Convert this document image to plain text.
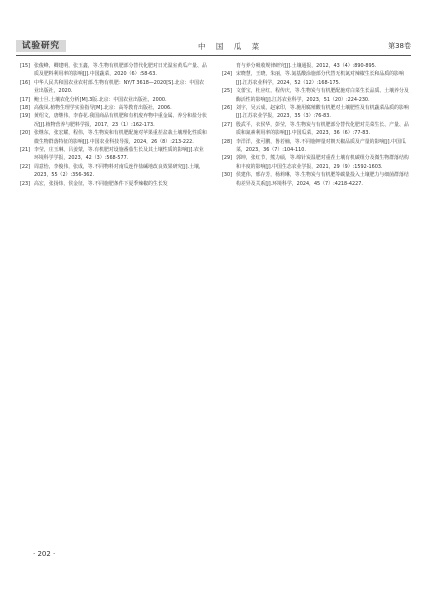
试验研究	中 国 瓜 菜	第38卷
[15] 张俊峰，卿建明，张玉鑫，等.生物有机肥部分替代化肥对日光温室黄瓜产量、品质及肥料利用率的影响[J].中国蔬菜，2020（6）:58-63.
[16] 中华人民共和国农业农村部.生物有机肥：NY/T 3618—2020[S].北京：中国农业出版社，2020.
[17] 鲍士旦.土壤农化分析[M].3版.北京：中国农业出版社，2000.
[18] 高俊凤.植物生理学实验指导[M].北京：高等教育出版社，2006.
[19] 黄绍文，唐继伟，李春花.我国商品有机肥和有机废弃物中重金属、养分和盐分状况[J].植物营养与肥料学报，2017，23（1）:162-173.
[20] 张继东，张宏耀，程伟，等.生物炭和有机肥配施对苹果重茬盆栽土壤理化性质和微生物群落特征的影响[J].中国农业科技导报，2024，26（8）:213-222.
[21] 李莹，庄玉琳，吕姜蒙，等.有机肥对设施番茄生长及其土壤性质的影响[J].农业环境科学学报，2023，42（3）:568-577.
[22] 周意怡，李俊伟，张成，等.不同物料对南瓜连作盐碱地改良效果研究[J].土壤，2023，55（2）:356-362.
[23] 高宏，张扬炜，侯金征，等.不同施肥条件下夏季辣椒的生长发
育与养分吸收规律研究[J].土壤通报，2012，43（4）:890-895.
[24] 宋晓慧，王晓，朱丽，等.氮基酸涂施部分代替无机氮对辣椒生长和品质的影响[J].江苏农业科学，2024，52（12）:168-175.
[25] 文蕾宝，杜应红，程传庆，等.生物炭与有机肥配施对白菜生长品质、土壤养分及酶活性的影响[J].江苏农业科学，2023，51（20）:224-230.
[26] 刘宇，吴云成，赵家印，等.施用腐殖酸有机肥对土壤肥性及有机蔬菜品质的影响[J].江苏农业学报，2023，35（3）:76-83.
[27] 殷武平，衣侯华，彭莹，等.生物炭与有机肥部分替代化肥对芫菜生长、产量、品质和氮素利用率的影响[J].中国瓜菜，2023，36（6）:77-83.
[28] 李洋洋，张可鹏，鲁若楠，等.不同施钾量对朝天椒品质及产量的影响[J].中国瓜菜，2023，36（7）:104-110.
[29] 郭坤，张红节，熊力硕，等.绵针炭温肥对重茬土壤有机碳组分及微生物群落结构和丰度的影响[J].中国生态农业学报，2021，29（9）:1592-1603.
[30] 侯建伟，邢存芳，杨莉琳，等.生物炭与有机肥等碳量投入土壤肥力与细菌群落结构差异及关系[J].环境科学，2024，45（7）:4218-4227.
· 202 ·
